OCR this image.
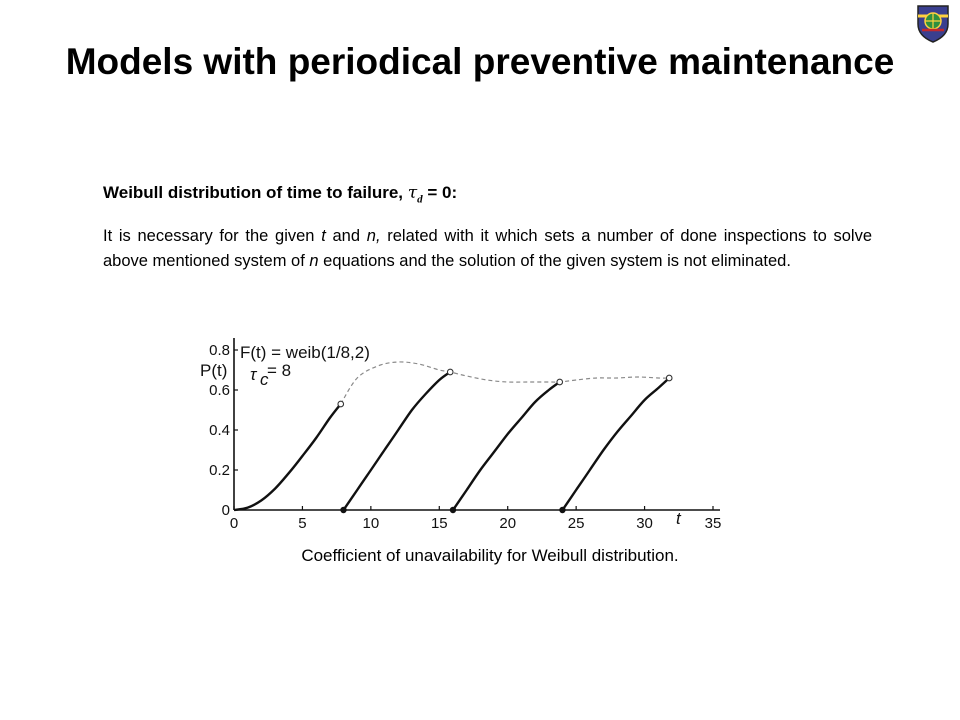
Models with periodical preventive maintenance

Weibull distribution of time to failure, $\tau_d = 0$:

It is necessary for the given t and n, related with it which sets a number of done inspections to solve above mentioned system of n equations and the solution of the given system is not eliminated.

0	5	10	15	20	25	30	35
0
0.2
0.4
0.6
0.8
P(t)
t
F(t) = weib(1/8,2)
τ c
= 8

Coefficient of unavailability for Weibull distribution.
